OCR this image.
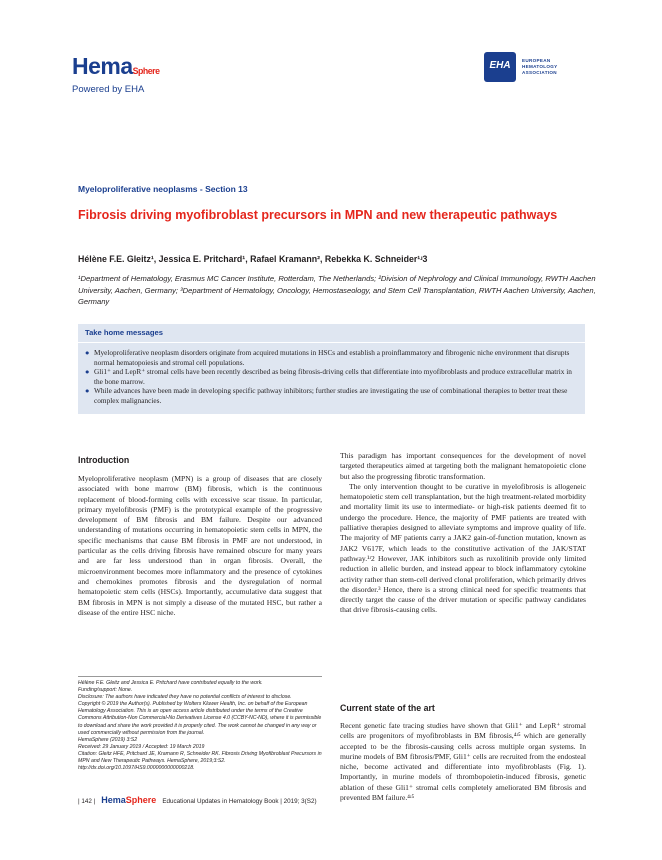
HemaSphere
Powered by EHA
EHA	EUROPEAN
HEMATOLOGY
ASSOCIATION
Myeloproliferative neoplasms - Section 13
Fibrosis driving myofibroblast precursors in MPN and new therapeutic pathways
Hélène F.E. Gleitz¹, Jessica E. Pritchard¹, Rafael Kramann², Rebekka K. Schneider¹ʴ3
¹Department of Hematology, Erasmus MC Cancer Institute, Rotterdam, The Netherlands; ²Division of Nephrology and Clinical Immunology, RWTH Aachen University, Aachen, Germany; ³Department of Hematology, Oncology, Hemostaseology, and Stem Cell Transplantation, RWTH Aachen University, Aachen, Germany
Take home messages
● Myeloproliferative neoplasm disorders originate from acquired mutations in HSCs and establish a proinflammatory and fibrogenic niche environment that disrupts normal hematopoiesis and stromal cell populations.
● Gli1⁺ and LepR⁺ stromal cells have been recently described as being fibrosis-driving cells that differentiate into myofibroblasts and produce extracellular matrix in the bone marrow.
● While advances have been made in developing specific pathway inhibitors; further studies are investigating the use of combinational therapies to better treat these complex malignancies.
Introduction

Myeloproliferative neoplasm (MPN) is a group of diseases that are closely associated with bone marrow (BM) fibrosis, which is the continuous replacement of blood-forming cells with excessive scar tissue. In particular, primary myelofibrosis (PMF) is the prototypical example of the progressive development of BM fibrosis and BM failure. Despite our advanced understanding of mutations occurring in hematopoietic stem cells in MPN, the specific mechanisms that cause BM fibrosis in PMF are not understood, in particular as the cells driving fibrosis have remained obscure for many years and are far less understood than in organ fibrosis. Overall, the microenvironment becomes more inflammatory and the presence of cytokines and chemokines promotes fibrosis and the dysregulation of normal hematopoietic stem cells (HSCs). Importantly, accumulative data suggest that BM fibrosis in MPN is not simply a disease of the mutated HSC, but rather a disease of the entire HSC niche.

Hélène F.E. Gleitz and Jessica E. Pritchard have contributed equally to the work.
Funding/support: None.
Disclosure: The authors have indicated they have no potential conflicts of interest to disclose.
Copyright © 2019 the Author(s). Published by Wolters Kluwer Health, Inc. on behalf of the European Hematology Association. This is an open access article distributed under the terms of the Creative Commons Attribution-Non Commercial-No Derivatives License 4.0 (CCBY-NC-ND), where it is permissible to download and share the work provided it is properly cited. The work cannot be changed in any way or used commercially without permission from the journal.
HemaSphere (2019) 3:S2
Received: 29 January 2019 / Accepted: 19 March 2019
Citation: Gleitz HFE, Pritchard JE, Kramann R, Schneider RK. Fibrosis Driving Myofibroblast Precursors in MPN and New Therapeutic Pathways. HemaSphere, 2019;3:S2. http://dx.doi.org/10.1097/HS9.0000000000000218.

This paradigm has important consequences for the development of novel targeted therapeutics aimed at targeting both the malignant hematopoietic clone but also the progressing fibrotic transformation.

The only intervention thought to be curative in myelofibrosis is allogeneic hematopoietic stem cell transplantation, but the high treatment-related morbidity and mortality limit its use to intermediate- or high-risk patients deemed fit to undergo the procedure. Hence, the majority of PMF patients are treated with palliative therapies designed to alleviate symptoms and improve quality of life. The majority of MF patients carry a JAK2 gain-of-function mutation, known as JAK2 V617F, which leads to the constitutive activation of the JAK/STAT pathway.¹ʴ2 However, JAK inhibitors such as ruxolitinib provide only limited reduction in allelic burden, and instead appear to block inflammatory cytokine activity rather than stem-cell derived clonal proliferation, which primarily drives the disorder.³ Hence, there is a strong clinical need for specific treatments that directly target the cause of the driver mutation or specific pathway candidates that drive fibrosis-causing cells.

Current state of the art

Recent genetic fate tracing studies have shown that Gli1⁺ and LepR⁺ stromal cells are progenitors of myofibroblasts in BM fibrosis,⁴ʴ⁵ which are generally accepted to be the fibrosis-causing cells across multiple organ systems. In murine models of BM fibrosis/PMF, Gli1⁺ cells are recruited from the endosteal niche, become activated and differentiate into myofibroblasts (Fig. 1). Importantly, in murine models of thrombopoietin-induced fibrosis, genetic ablation of these Gli1⁺ stromal cells completely ameliorated BM fibrosis and prevented BM failure.⁴ʴ⁵

| 142 | HemaSphere Educational Updates in Hematology Book | 2019; 3(S2)
